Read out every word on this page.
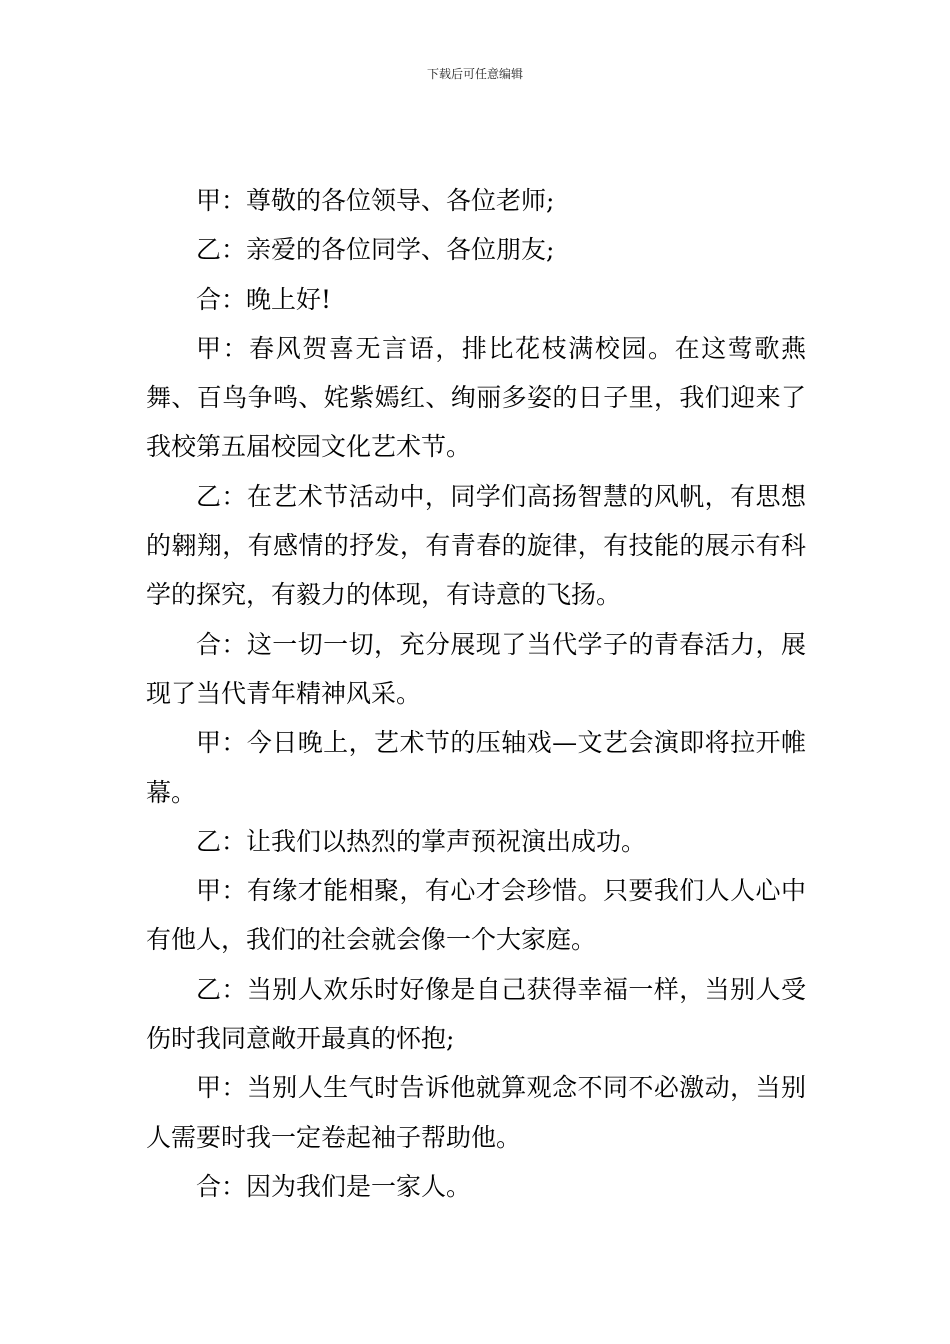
下载后可任意编辑

甲：尊敬的各位领导、各位老师;

乙：亲爱的各位同学、各位朋友;

合：晚上好!

甲：春风贺喜无言语，排比花枝满校园。在这莺歌燕舞、百鸟争鸣、姹紫嫣红、绚丽多姿的日子里，我们迎来了我校第五届校园文化艺术节。

乙：在艺术节活动中，同学们高扬智慧的风帆，有思想的翱翔，有感情的抒发，有青春的旋律，有技能的展示有科学的探究，有毅力的体现，有诗意的飞扬。

合：这一切一切，充分展现了当代学子的青春活力，展现了当代青年精神风采。

甲：今日晚上，艺术节的压轴戏—文艺会演即将拉开帷幕。

乙：让我们以热烈的掌声预祝演出成功。

甲：有缘才能相聚，有心才会珍惜。只要我们人人心中有他人，我们的社会就会像一个大家庭。

乙：当别人欢乐时好像是自己获得幸福一样，当别人受伤时我同意敞开最真的怀抱;

甲：当别人生气时告诉他就算观念不同不必激动，当别人需要时我一定卷起袖子帮助他。

合：因为我们是一家人。
